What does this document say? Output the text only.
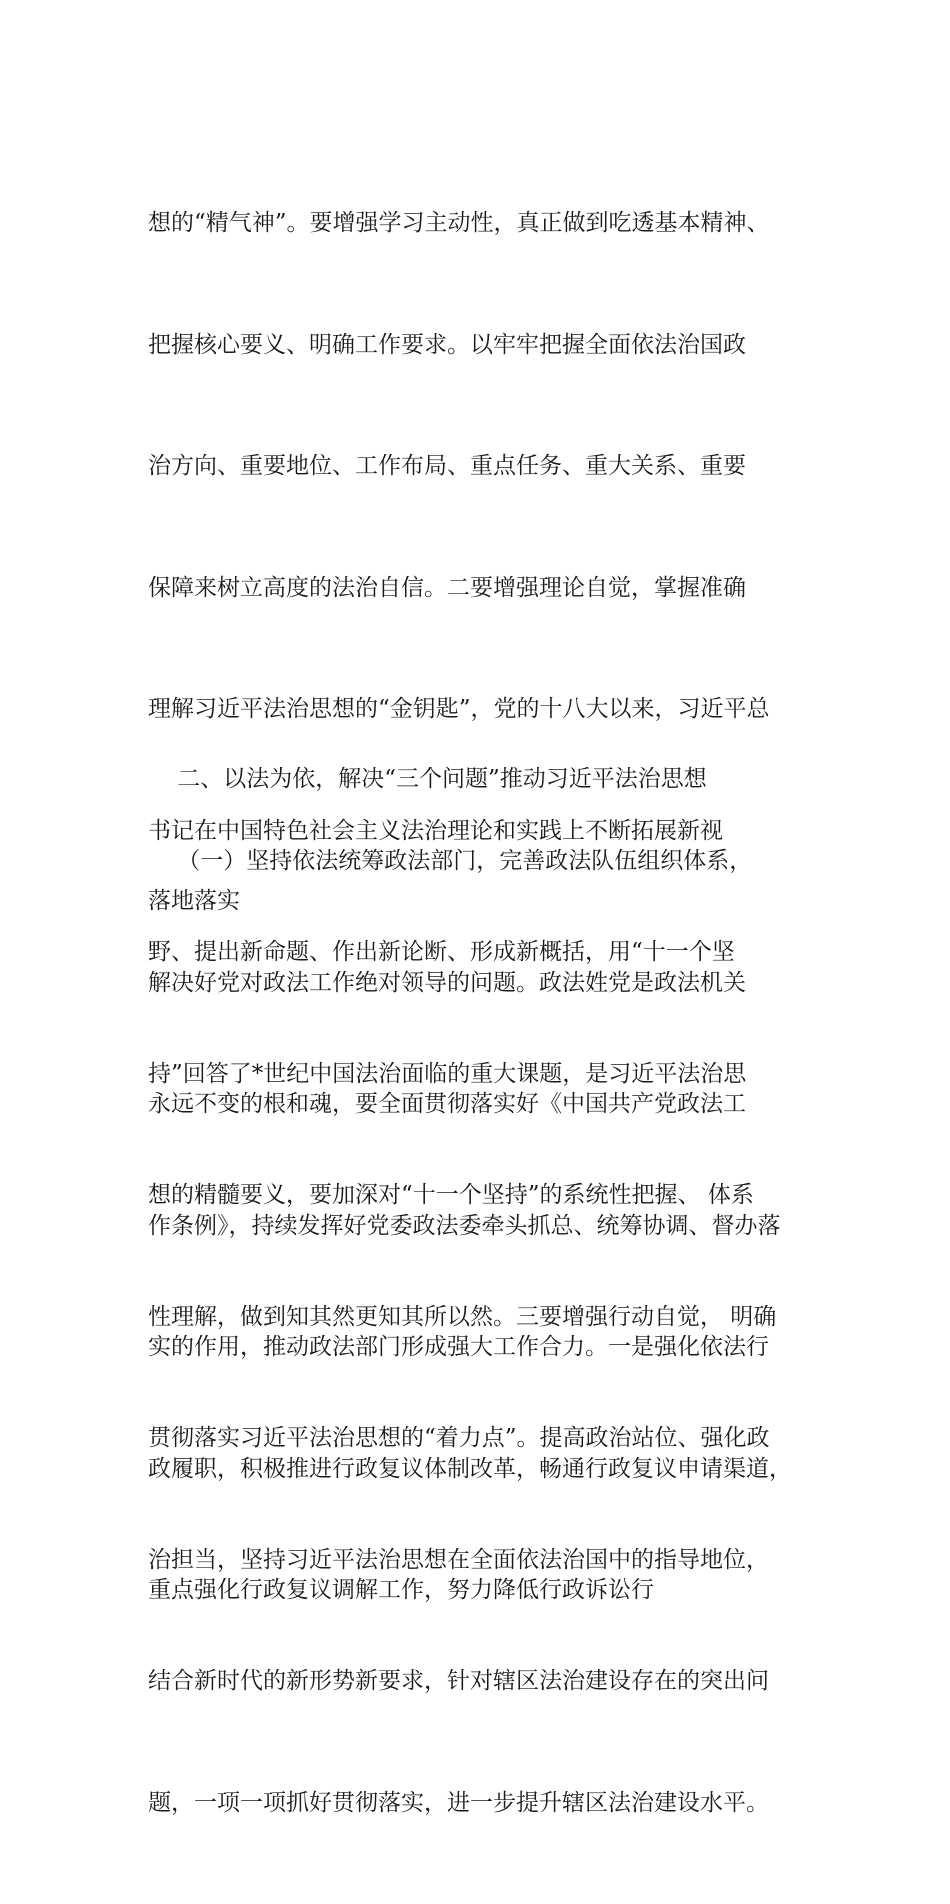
想的“精气神”。要增强学习主动性，真正做到吃透基本精神、

把握核心要义、明确工作要求。以牢牢把握全面依法治国政

治方向、重要地位、工作布局、重点任务、重大关系、重要

保障来树立高度的法治自信。二要增强理论自觉，掌握准确

理解习近平法治思想的“金钥匙”，党的十八大以来，习近平总

书记在中国特色社会主义法治理论和实践上不断拓展新视

野、提出新命题、作出新论断、形成新概括，用“十一个坚

持”回答了*世纪中国法治面临的重大课题，是习近平法治思

想的精髓要义，要加深对“十一个坚持”的系统性把握、 体系

性理解，做到知其然更知其所以然。三要增强行动自觉， 明确

贯彻落实习近平法治思想的“着力点”。提高政治站位、强化政

治担当，坚持习近平法治思想在全面依法治国中的指导地位，

结合新时代的新形势新要求，针对辖区法治建设存在的突出问

题，一项一项抓好贯彻落实，进一步提升辖区法治建设水平。

二、以法为依，解决“三个问题”推动习近平法治思想

落地落实

（一）坚持依法统筹政法部门，完善政法队伍组织体系，

解决好党对政法工作绝对领导的问题。政法姓党是政法机关

永远不变的根和魂，要全面贯彻落实好《中国共产党政法工

作条例》，持续发挥好党委政法委牵头抓总、统筹协调、督办落

实的作用，推动政法部门形成强大工作合力。一是强化依法行

政履职，积极推进行政复议体制改革，畅通行政复议申请渠道，

重点强化行政复议调解工作，努力降低行政诉讼行
